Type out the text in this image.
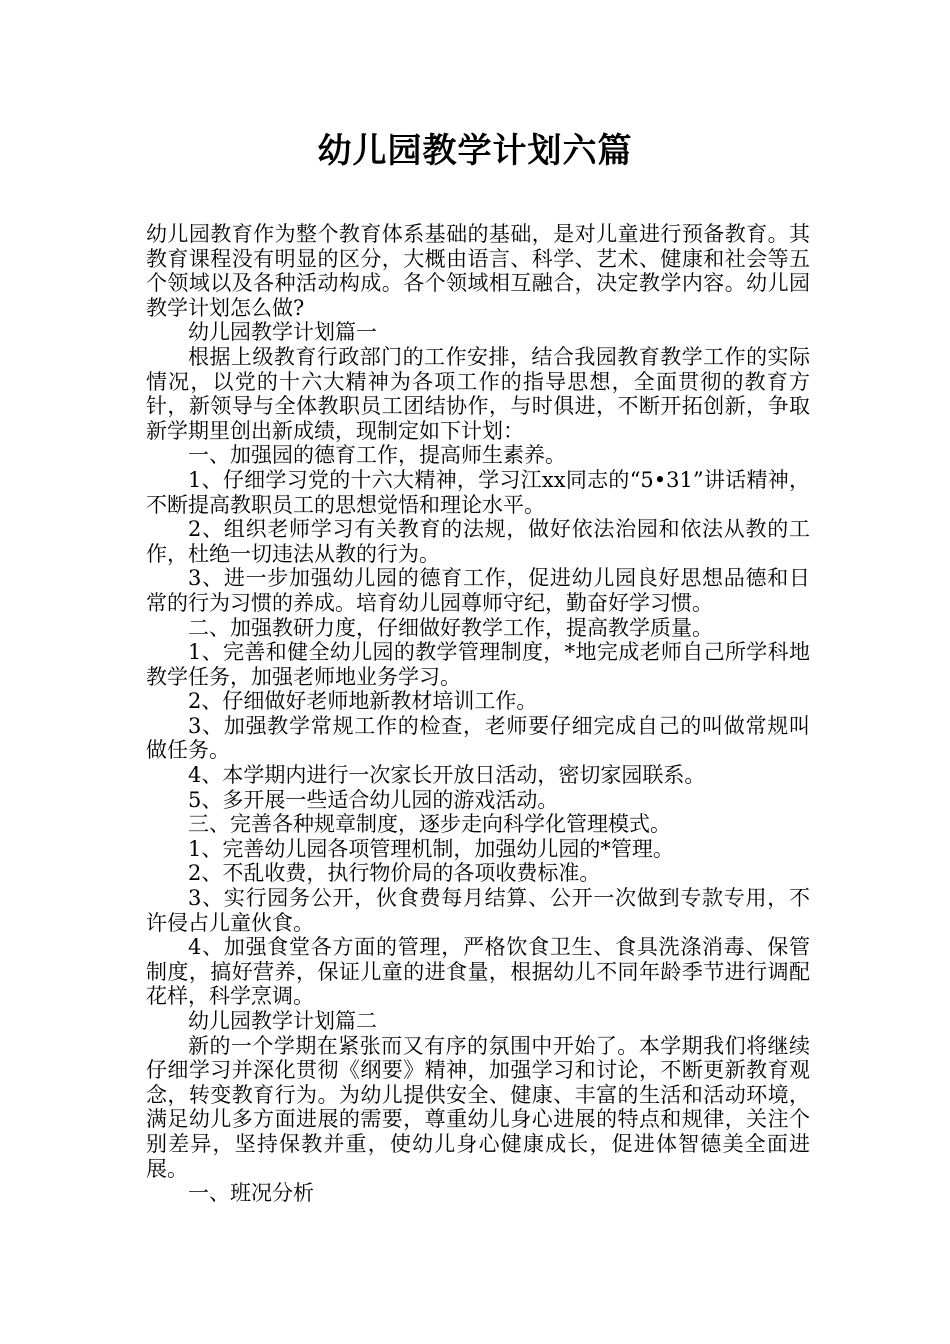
幼儿园教学计划六篇

幼儿园教育作为整个教育体系基础的基础，是对儿童进行预备教育。其教育课程没有明显的区分，大概由语言、科学、艺术、健康和社会等五个领域以及各种活动构成。各个领域相互融合，决定教学内容。幼儿园教学计划怎么做?

幼儿园教学计划篇一

根据上级教育行政部门的工作安排，结合我园教育教学工作的实际情况，以党的十六大精神为各项工作的指导思想，全面贯彻的教育方针，新领导与全体教职员工团结协作，与时俱进，不断开拓创新，争取新学期里创出新成绩，现制定如下计划：

一、加强园的德育工作，提高师生素养。

1、仔细学习党的十六大精神，学习江xx同志的“5•31”讲话精神，不断提高教职员工的思想觉悟和理论水平。

2、组织老师学习有关教育的法规，做好依法治园和依法从教的工作，杜绝一切违法从教的行为。

3、进一步加强幼儿园的德育工作，促进幼儿园良好思想品德和日常的行为习惯的养成。培育幼儿园尊师守纪，勤奋好学习惯。

二、加强教研力度，仔细做好教学工作，提高教学质量。

1、完善和健全幼儿园的教学管理制度，*地完成老师自己所学科地教学任务，加强老师地业务学习。

2、仔细做好老师地新教材培训工作。

3、加强教学常规工作的检查，老师要仔细完成自己的叫做常规叫做任务。

4、本学期内进行一次家长开放日活动，密切家园联系。

5、多开展一些适合幼儿园的游戏活动。

三、完善各种规章制度，逐步走向科学化管理模式。

1、完善幼儿园各项管理机制，加强幼儿园的*管理。

2、不乱收费，执行物价局的各项收费标准。

3、实行园务公开，伙食费每月结算、公开一次做到专款专用，不许侵占儿童伙食。

4、加强食堂各方面的管理，严格饮食卫生、食具洗涤消毒、保管制度，搞好营养，保证儿童的进食量，根据幼儿不同年龄季节进行调配花样，科学烹调。

幼儿园教学计划篇二

新的一个学期在紧张而又有序的氛围中开始了。本学期我们将继续仔细学习并深化贯彻《纲要》精神，加强学习和讨论，不断更新教育观念，转变教育行为。为幼儿提供安全、健康、丰富的生活和活动环境，满足幼儿多方面进展的需要，尊重幼儿身心进展的特点和规律，关注个别差异，坚持保教并重，使幼儿身心健康成长，促进体智德美全面进展。

一、班况分析
